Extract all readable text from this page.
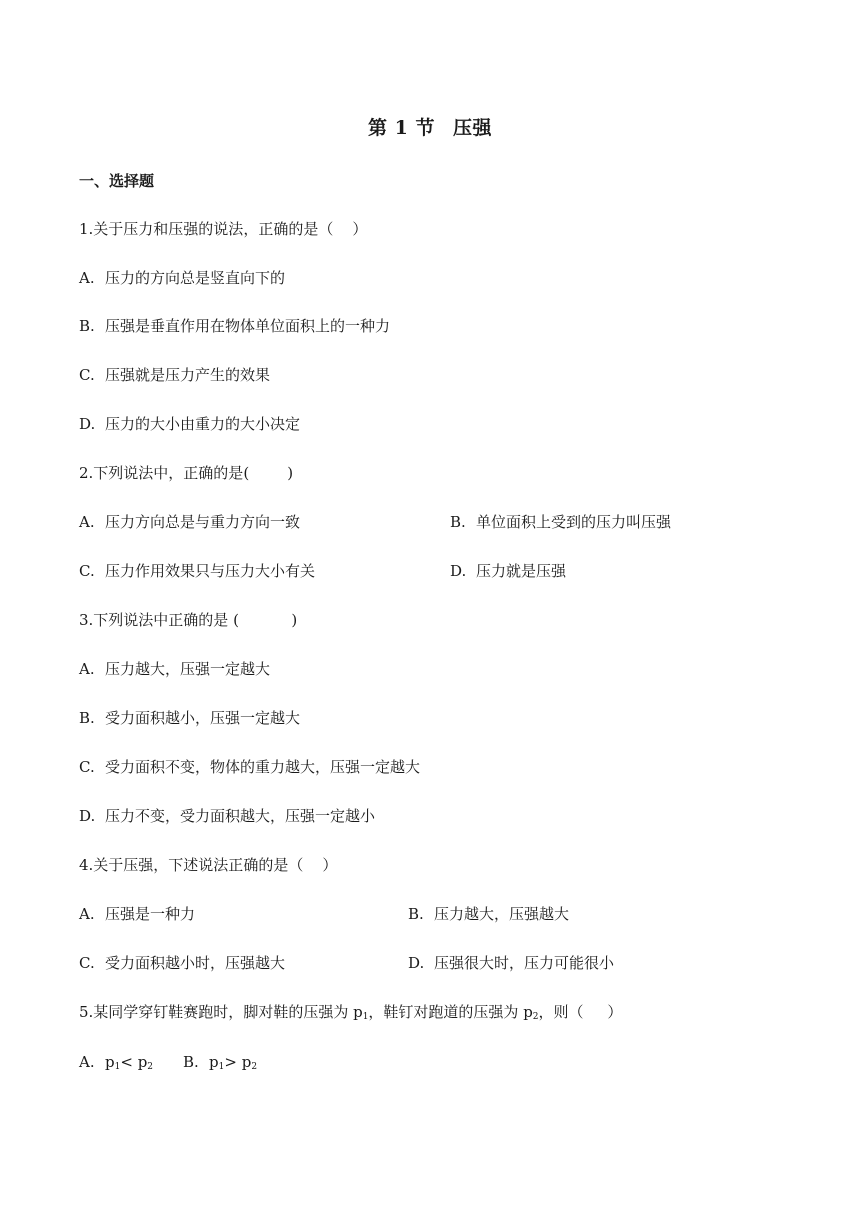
第 1 节 压强
一、选择题
1.关于压力和压强的说法，正确的是（    ）
A. 压力的方向总是竖直向下的
B. 压强是垂直作用在物体单位面积上的一种力
C. 压强就是压力产生的效果
D. 压力的大小由重力的大小决定
2.下列说法中，正确的是(        )
A. 压力方向总是与重力方向一致	B. 单位面积上受到的压力叫压强
C. 压力作用效果只与压力大小有关	D. 压力就是压强
3.下列说法中正确的是 (           )
A. 压力越大，压强一定越大
B. 受力面积越小，压强一定越大
C. 受力面积不变，物体的重力越大，压强一定越大
D. 压力不变，受力面积越大，压强一定越小
4.关于压强，下述说法正确的是（    ）
A. 压强是一种力	B. 压力越大，压强越大
C. 受力面积越小时，压强越大	D. 压强很大时，压力可能很小
5.某同学穿钉鞋赛跑时，脚对鞋的压强为 $p_1$，鞋钉对跑道的压强为 $p_2$，则（     ）
A. $p_1< p_2$ B. $p_1> p_2$
